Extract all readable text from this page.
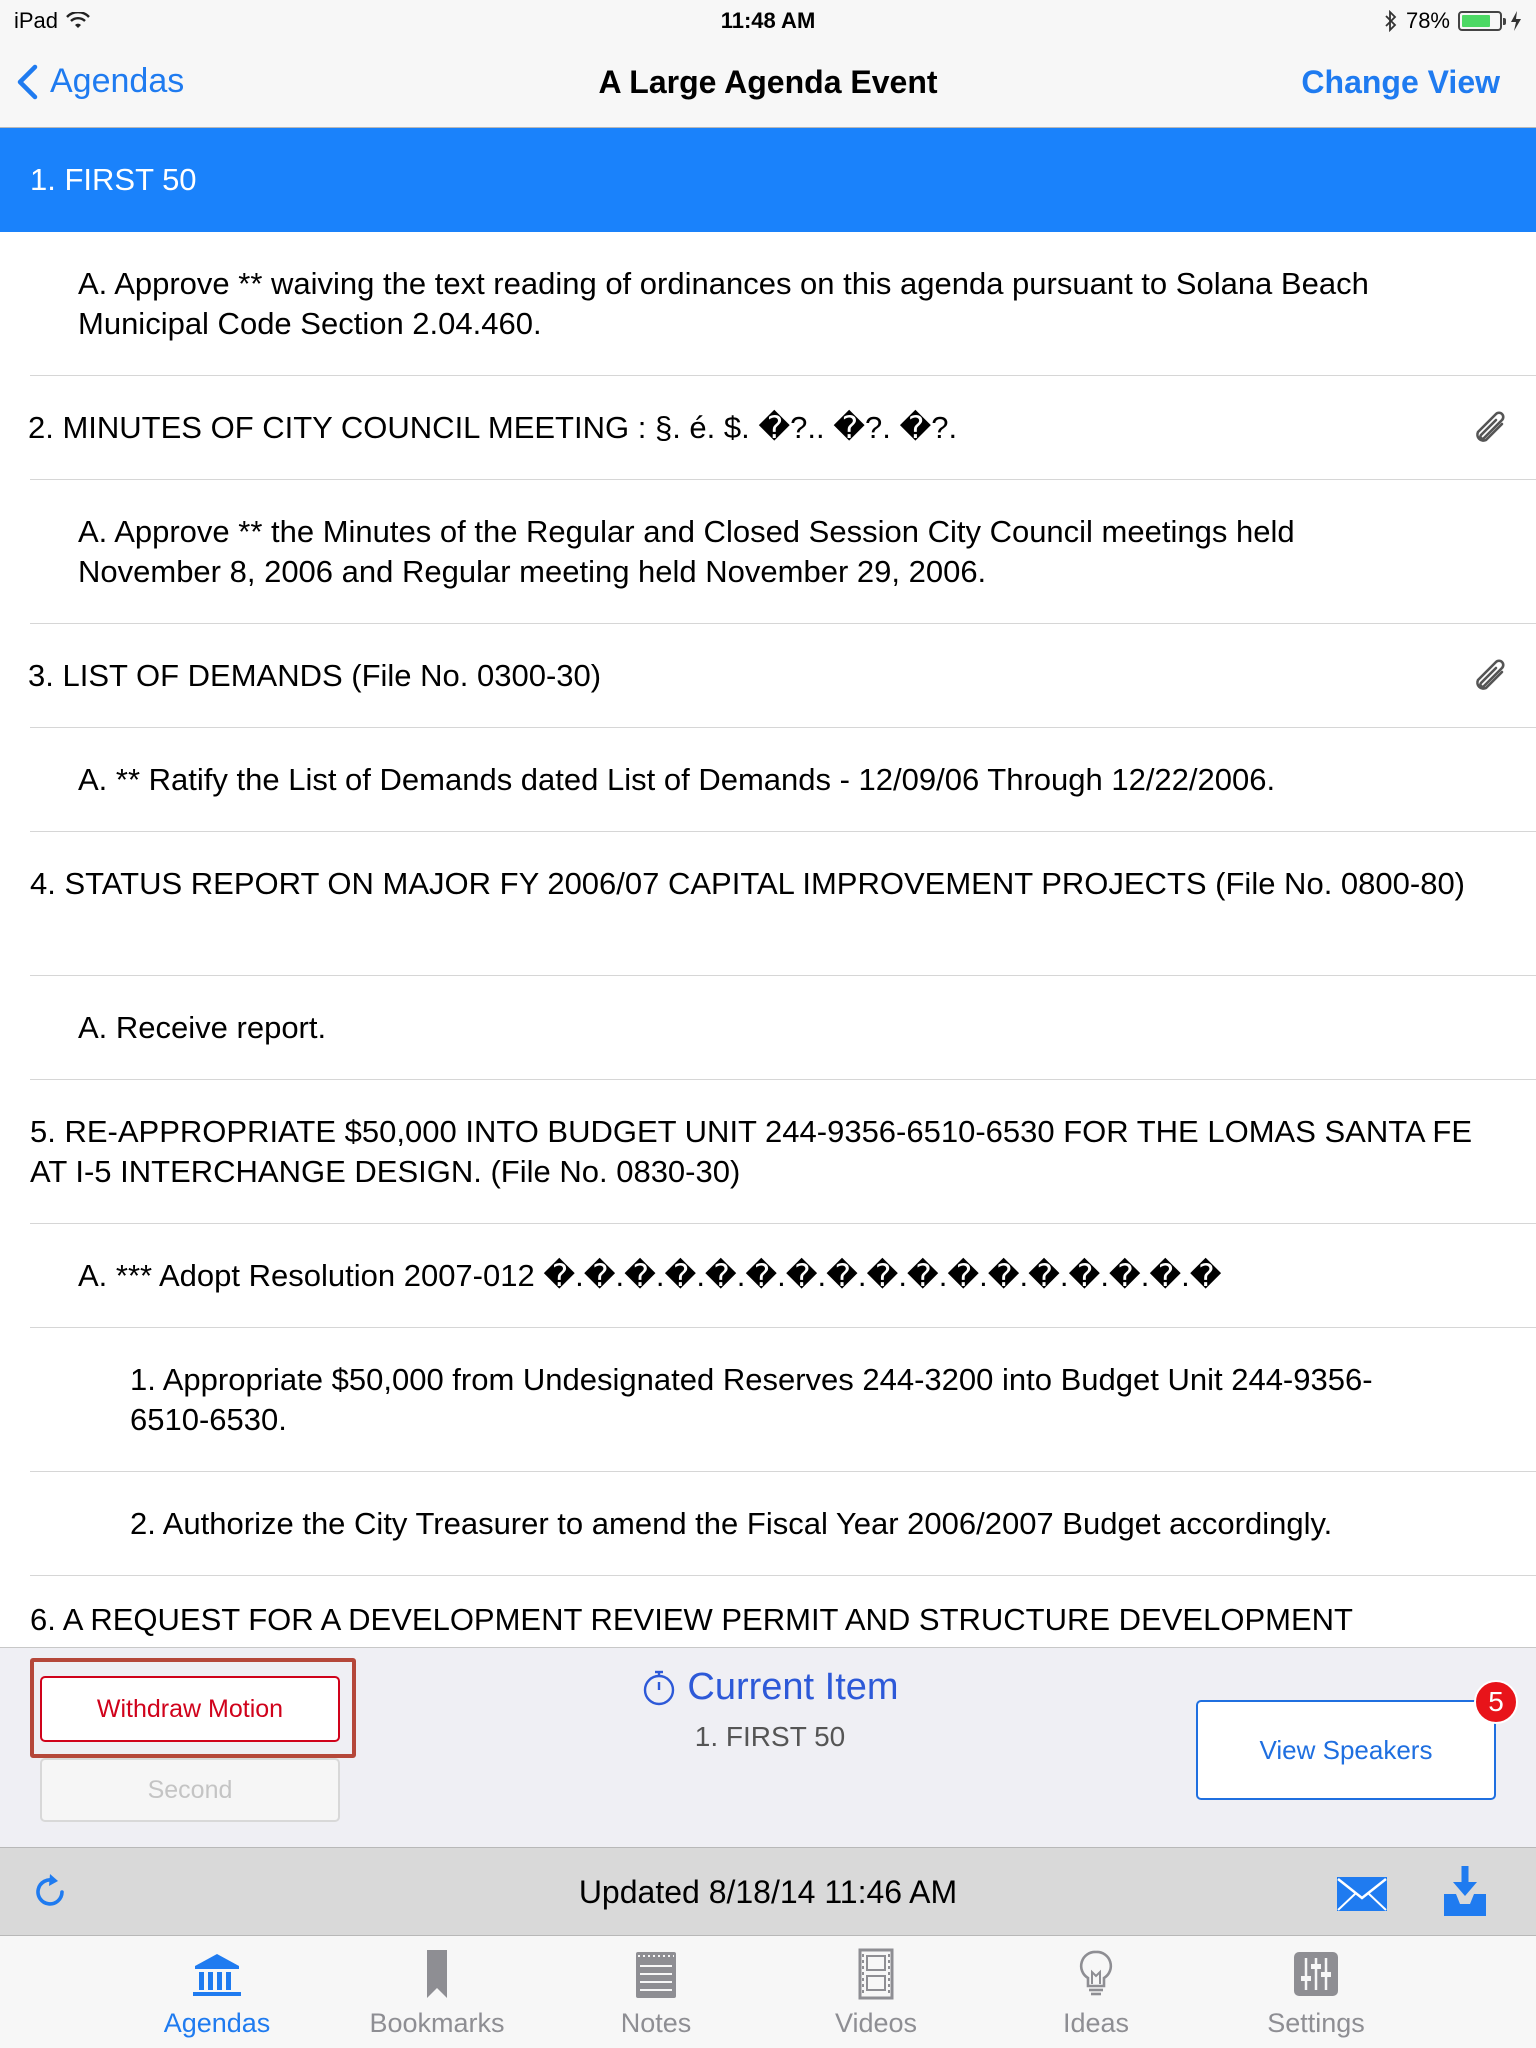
iPad	11:48 AM	78%
Agendas	A Large Agenda Event	Change View
1. FIRST 50
A. Approve ** waiving the text reading of ordinances on this agenda pursuant to Solana Beach Municipal Code Section 2.04.460.
2. MINUTES OF CITY COUNCIL MEETING : §. é. $. �?.. �?. �?.
A. Approve ** the Minutes of the Regular and Closed Session City Council meetings held November 8, 2006 and Regular meeting held November 29, 2006.
3. LIST OF DEMANDS (File No. 0300-30)
A. ** Ratify the List of Demands dated List of Demands - 12/09/06 Through 12/22/2006.
4. STATUS REPORT ON MAJOR FY 2006/07 CAPITAL IMPROVEMENT PROJECTS (File No. 0800-80)
A. Receive report.
5. RE-APPROPRIATE $50,000 INTO BUDGET UNIT 244-9356-6510-6530 FOR THE LOMAS SANTA FE AT I-5 INTERCHANGE DESIGN. (File No. 0830-30)
A. *** Adopt Resolution 2007-012 �.�.�.�.�.�.�.�.�.�.�.�.�.�.�.�.�
1. Appropriate $50,000 from Undesignated Reserves 244-3200 into Budget Unit 244-9356-6510-6530.
2. Authorize the City Treasurer to amend the Fiscal Year 2006/2007 Budget accordingly.
6. A REQUEST FOR A DEVELOPMENT REVIEW PERMIT AND STRUCTURE DEVELOPMENT
Withdraw Motion
Second
Current Item
1. FIRST 50	View Speakers
5
Updated 8/18/14 11:46 AM
Agendas	Bookmarks	Notes	Videos	Ideas	Settings
